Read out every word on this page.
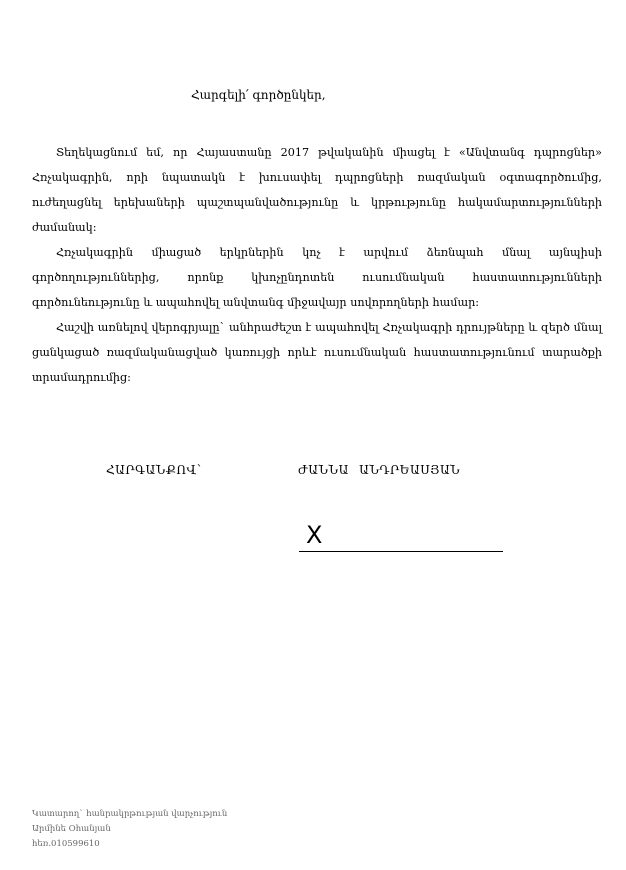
Հարգելի՛ գործընկեր,

Տեղեկացնում եմ, որ Հայաստանը 2017 թվականին միացել է «Անվտանգ դպրոցներ» Հռչակագրին, որի նպատակն է խուսափել դպրոցների ռազմական օգտագործումից, ուժեղացնել երեխաների պաշտպանվածությունը և կրթությունը հակամարտությունների ժամանակ:

Հռչակագրին միացած երկրներին կոչ է արվում ձեռնպահ մնալ այնպիսի գործողություններից, որոնք կխոչընդոտեն ուսումնական հաստատությունների գործունեությունը և ապահովել անվտանգ միջավայր սովորողների համար:

Հաշվի առնելով վերոգրյալը` անհրաժեշտ է ապահովել Հռչակագրի դրույթները և զերծ մնալ ցանկացած ռազմականացված կառույցի որևէ ուսումնական հաստատությունում տարածքի տրամադրումից:

ՀԱՐԳԱՆՔՈՎ՝	ԺԱՆՆԱ ԱՆԴՐԵԱՍՅԱՆ
X
Կատարող` հանրակրթության վարչություն
Արմինե Օհանյան
հեռ.010599610
